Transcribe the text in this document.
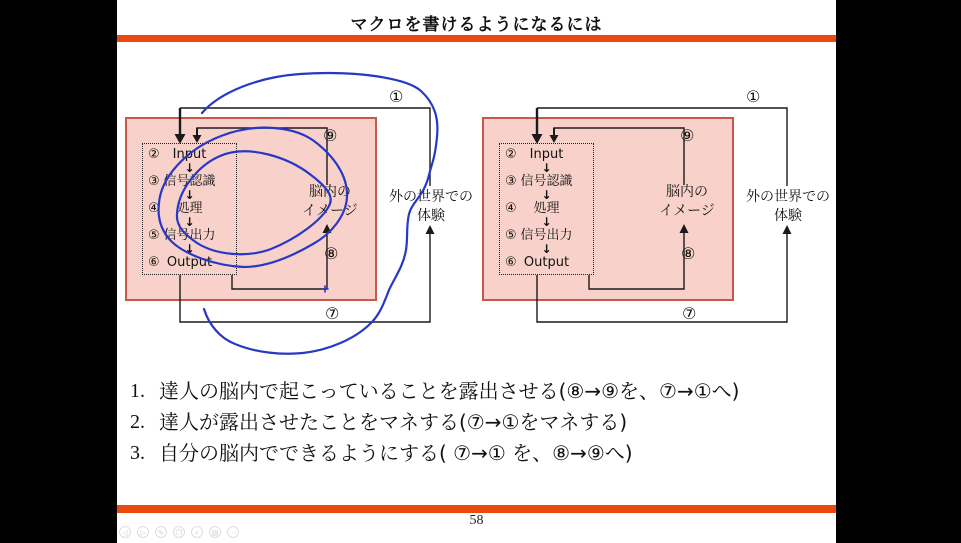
マクロを書けるようになるには
② Input
↓
③ 信号認識
↓
④ 処理
↓
⑤ 信号出力
↓
⑥ Output
⑨
①
⑧
⑦
脳内の
イメージ
外の世界での
体験
② Input
↓
③ 信号認識
↓
④ 処理
↓
⑤ 信号出力
↓
⑥ Output
⑨
①
⑧
⑦
脳内の
イメージ
外の世界での
体験
1. 達人の脳内で起こっていることを露出させる(⑧→⑨を、⑦→①へ)
2. 達人が露出させたことをマネする(⑦→①をマネする)
3. 自分の脳内でできるようにする( ⑦→① を、⑧→⑨へ)
58
◁	▷	✎	❐	⌕	▤	⋯
